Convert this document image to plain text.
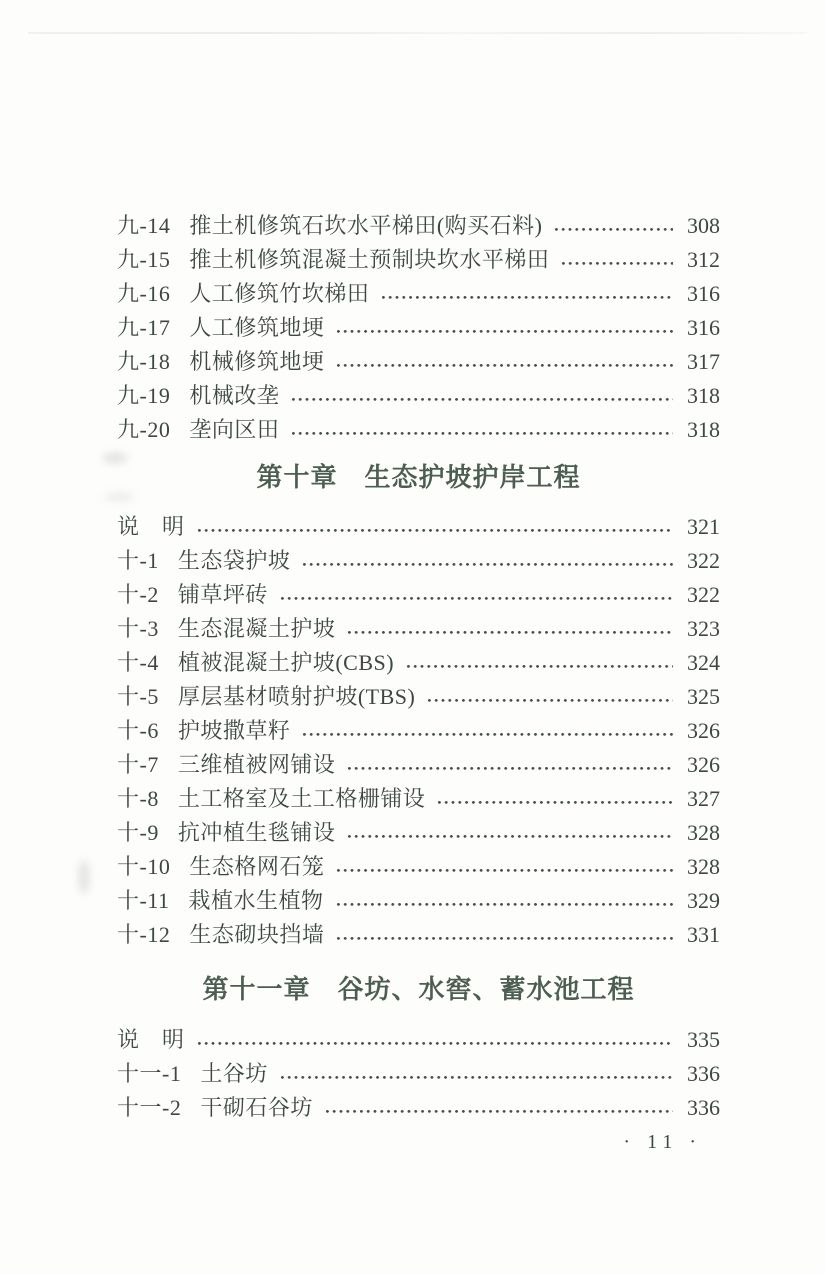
九-14 推土机修筑石坎水平梯田(购买石料)	308
九-15 推土机修筑混凝土预制块坎水平梯田	312
九-16 人工修筑竹坎梯田	316
九-17 人工修筑地埂	316
九-18 机械修筑地埂	317
九-19 机械改垄	318
九-20 垄向区田	318
第十章　生态护坡护岸工程
说　明	321
十-1 生态袋护坡	322
十-2 铺草坪砖	322
十-3 生态混凝土护坡	323
十-4 植被混凝土护坡(CBS)	324
十-5 厚层基材喷射护坡(TBS)	325
十-6 护坡撒草籽	326
十-7 三维植被网铺设	326
十-8 土工格室及土工格栅铺设	327
十-9 抗冲植生毯铺设	328
十-10 生态格网石笼	328
十-11 栽植水生植物	329
十-12 生态砌块挡墙	331
第十一章　谷坊、水窖、蓄水池工程
说　明	335
十一-1 土谷坊	336
十一-2 干砌石谷坊	336
· 11 ·
